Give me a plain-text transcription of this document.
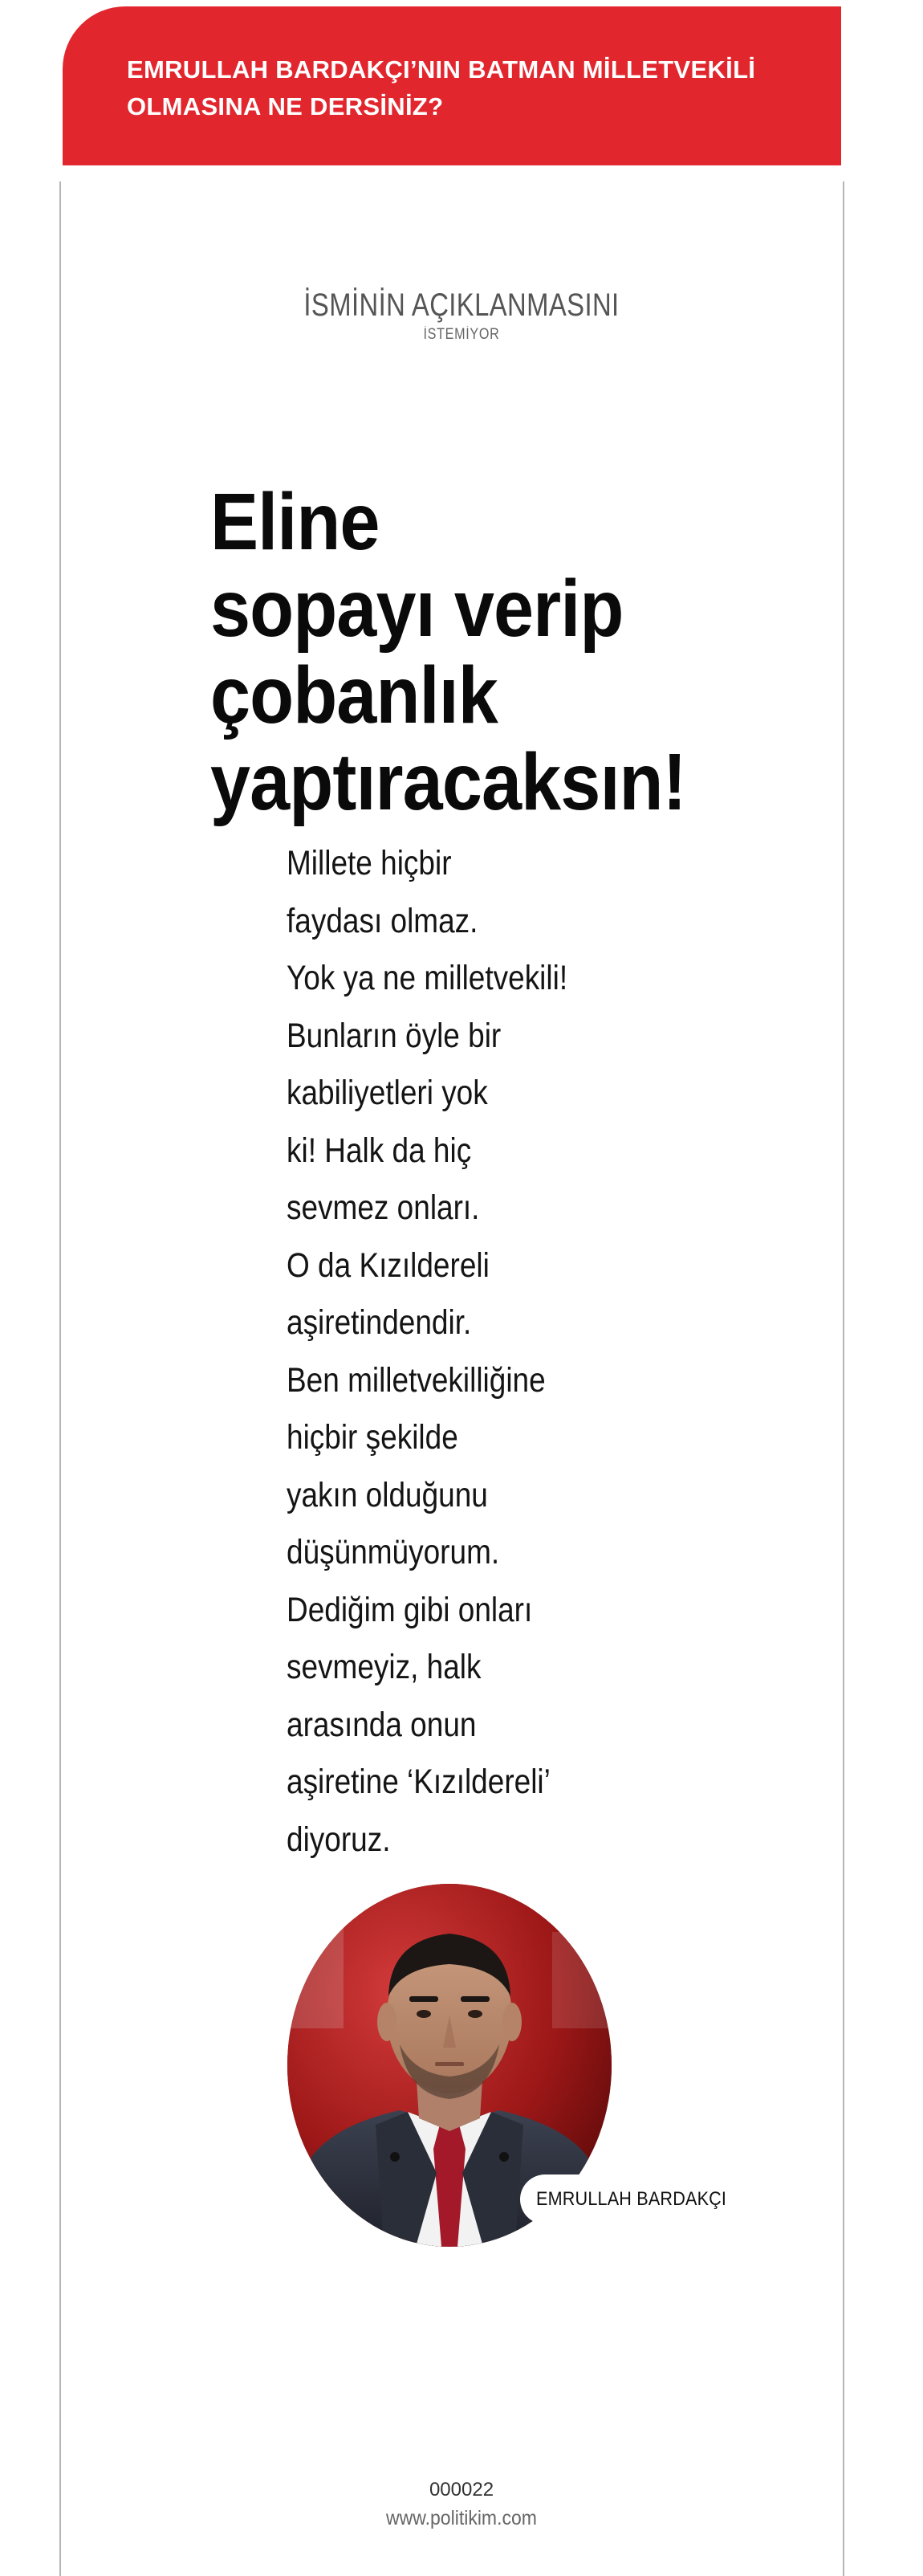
EMRULLAH BARDAKÇI’NIN BATMAN MİLLETVEKİLİ OLMASINA NE DERSİNİZ?
İSMİNİN AÇIKLANMASINI
İSTEMİYOR
Eline
sopayı verip
çobanlık
yaptıracaksın!
Millete hiçbir
faydası olmaz.
Yok ya ne milletvekili!
Bunların öyle bir
kabiliyetleri yok
ki! Halk da hiç
sevmez onları.
O da Kızıldereli
aşiretindendir.
Ben milletvekilliğine
hiçbir şekilde
yakın olduğunu
düşünmüyorum.
Dediğim gibi onları
sevmeyiz, halk
arasında onun
aşiretine ‘Kızıldereli’
diyoruz.
EMRULLAH BARDAKÇI
000022
www.politikim.com
